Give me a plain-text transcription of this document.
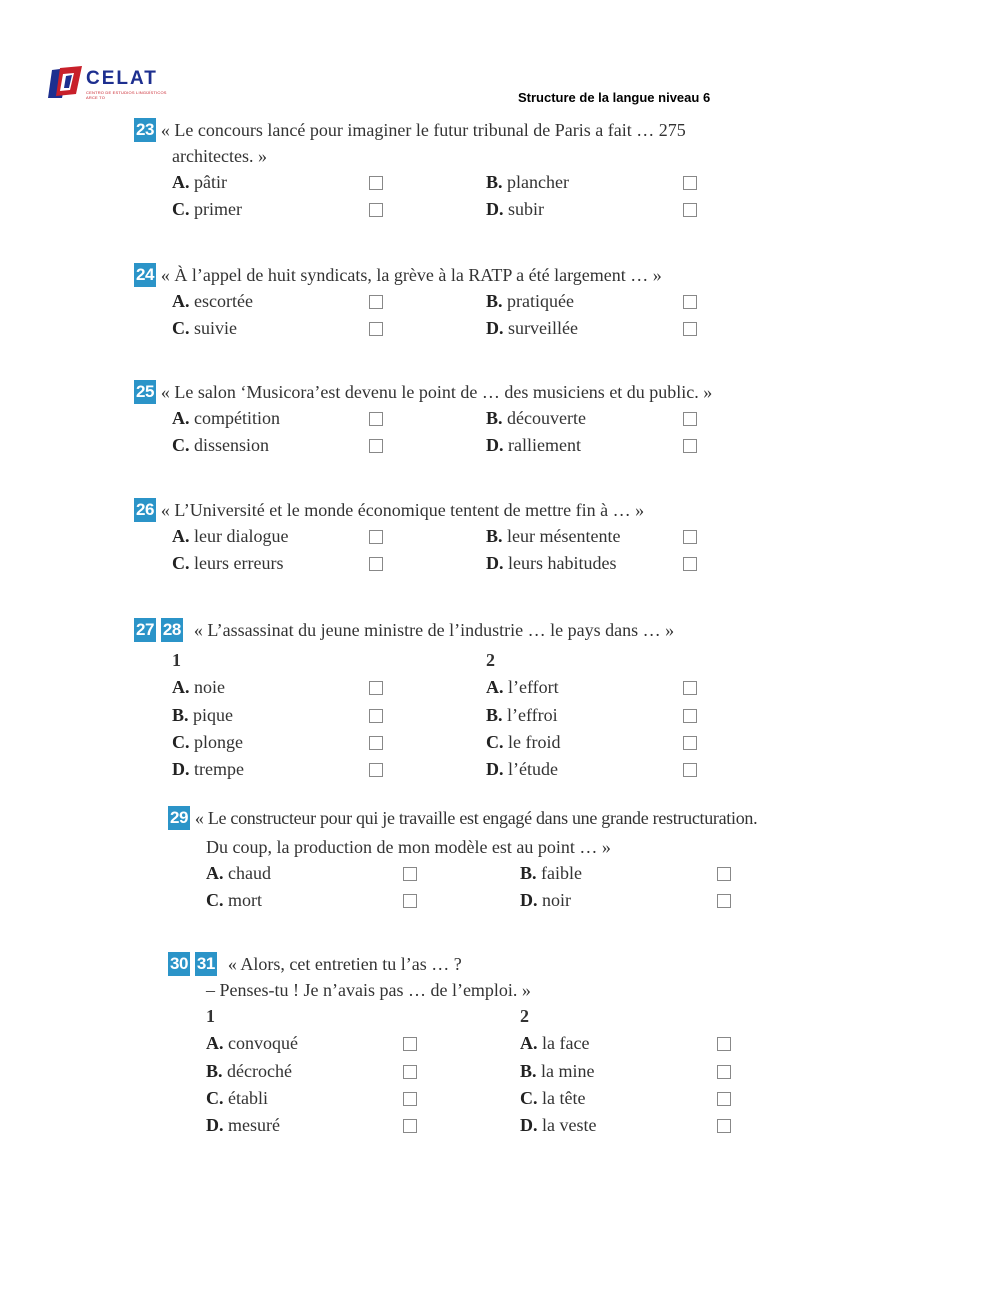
CELAT
CENTRO DE ESTUDIOS LINGÜÍSTICOS ARCE TO	Structure de la langue niveau 6
23 « Le concours lancé pour imaginer le futur tribunal de Paris a fait … 275
architectes. »
A. pâtir	B. plancher
C. primer	D. subir
24 « À l’appel de huit syndicats, la grève à la RATP a été largement … »
A. escortée	B. pratiquée
C. suivie	D. surveillée
25 « Le salon ‘Musicora’est devenu le point de … des musiciens et du public. »
A. compétition	B. découverte
C. dissension	D. ralliement
26 « L’Université et le monde économique tentent de mettre fin à … »
A. leur dialogue	B. leur mésentente
C. leurs erreurs	D. leurs habitudes
27 28 « L’assassinat du jeune ministre de l’industrie … le pays dans … »
1	2
A. noie	A. l’effort
B. pique	B. l’effroi
C. plonge	C. le froid
D. trempe	D. l’étude
29 « Le constructeur pour qui je travaille est engagé dans une grande restructuration.
Du coup, la production de mon modèle est au point … »
A. chaud	B. faible
C. mort	D. noir
30 31 « Alors, cet entretien tu l’as … ?
– Penses-tu ! Je n’avais pas … de l’emploi. »
1	2
A. convoqué	A. la face
B. décroché	B. la mine
C. établi	C. la tête
D. mesuré	D. la veste
